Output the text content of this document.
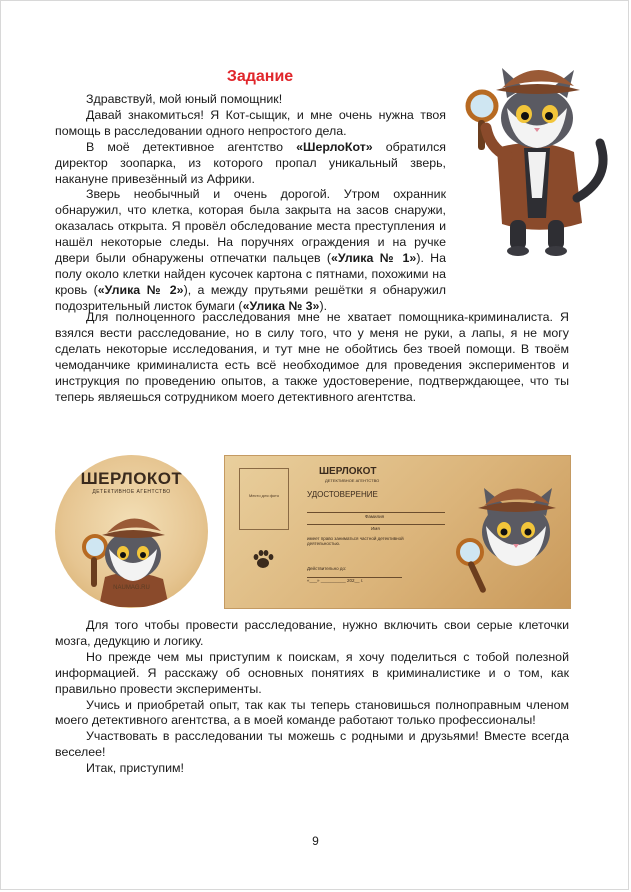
Задание

Здравствуй, мой юный помощник!

Давай знакомиться! Я Кот-сыщик, и мне очень нужна твоя помощь в расследовании одного непростого дела.

В моё детективное агентство «ШерлоКот» обратился директор зоопарка, из которого пропал уникальный зверь, накануне привезённый из Африки.

Зверь необычный и очень дорогой. Утром охранник обнаружил, что клетка, которая была закрыта на засов снаружи, оказалась открыта. Я провёл обследование места преступления и нашёл некоторые следы. На поручнях ограждения и на ручке двери были обнаружены отпечатки пальцев («Улика № 1»). На полу около клетки найден кусочек картона с пятнами, похожими на кровь («Улика № 2»), а между прутьями решётки я обнаружил подозрительный листок бумаги («Улика № 3»).

Для полноценного расследования мне не хватает помощника-криминалиста. Я взялся вести расследование, но в силу того, что у меня не руки, а лапы, я не могу сделать некоторые исследования, и тут мне не обойтись без твоей помощи. В твоём чемоданчике криминалиста есть всё необходимое для проведения экспериментов и инструкция по проведению опытов, а также удостоверение, подтверждающее, что ты теперь являешься сотрудником моего детективного агентства.

ШЕРЛОКОТ
ДЕТЕКТИВНОЕ АГЕНТСТВО
NAUMAG.RU
Место для фото
ШЕРЛОКОТ
ДЕТЕКТИВНОЕ АГЕНТСТВО
УДОСТОВЕРЕНИЕ
Фамилия
Имя
имеет право заниматься частной детективной деятельностью.
Действительно до:
«___» __________ 202__ г.

Для того чтобы провести расследование, нужно включить свои серые клеточки мозга, дедукцию и логику.

Но прежде чем мы приступим к поискам, я хочу поделиться с тобой полезной информацией. Я расскажу об основных понятиях в криминалистике и о том, как правильно провести эксперименты.

Учись и приобретай опыт, так как ты теперь становишься полноправным членом моего детективного агентства, а в моей команде работают только профессионалы!

Участвовать в расследовании ты можешь с родными и друзьями! Вместе всегда веселее!

Итак, приступим!

9
